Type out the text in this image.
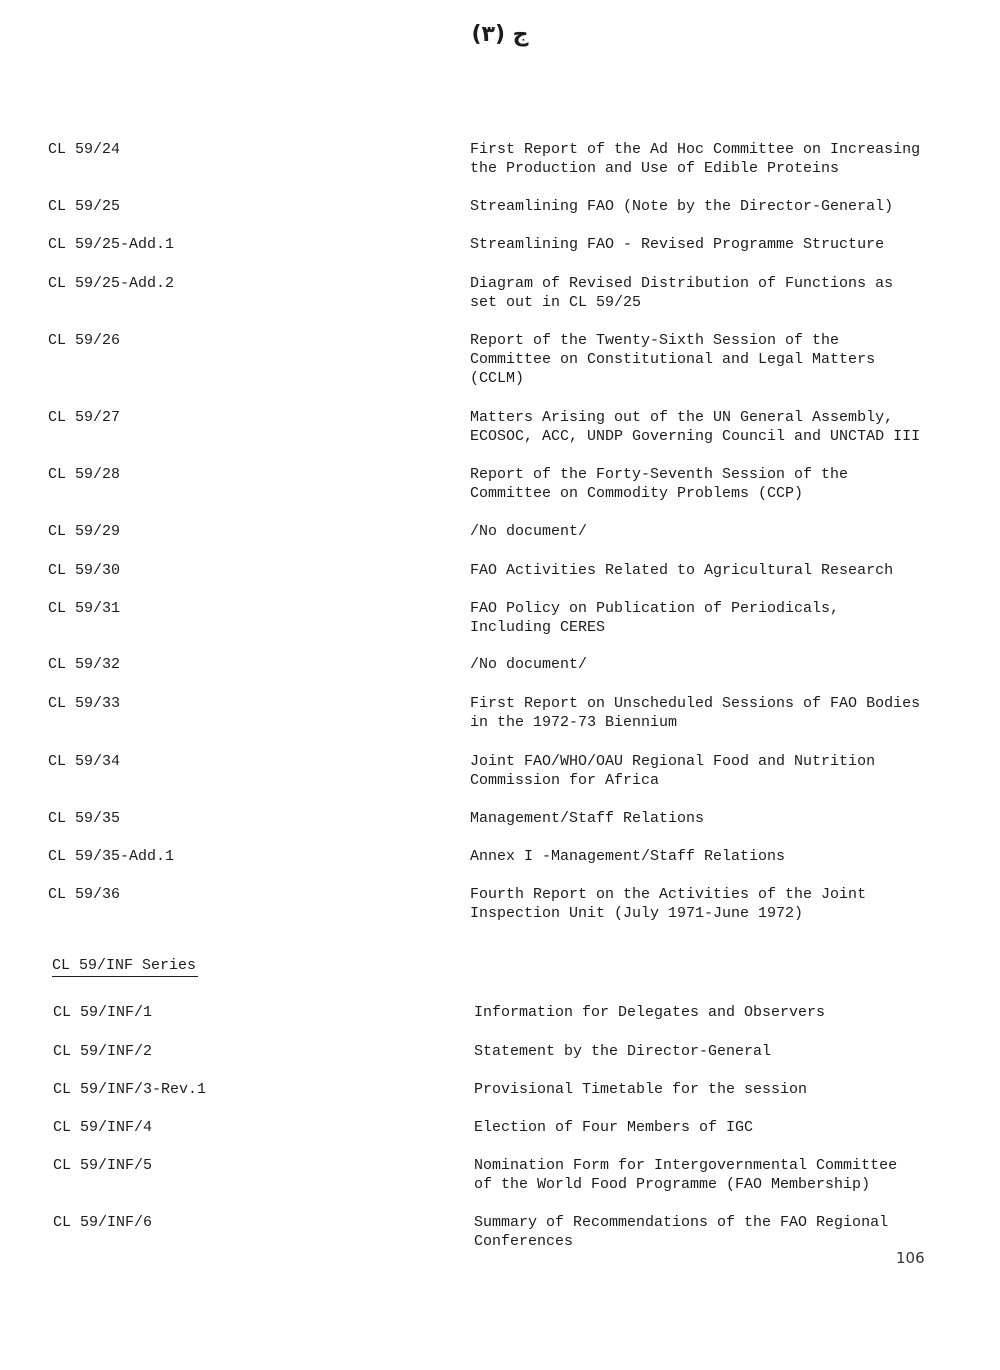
(٣) ج
CL 59/24	First Report of the Ad Hoc Committee on Increasing
the Production and Use of Edible Proteins
CL 59/25	Streamlining FAO (Note by the Director-General)
CL 59/25-Add.1	Streamlining FAO - Revised Programme Structure
CL 59/25-Add.2	Diagram of Revised Distribution of Functions as
set out in CL 59/25
CL 59/26	Report of the Twenty-Sixth Session of the
Committee on Constitutional and Legal Matters
(CCLM)
CL 59/27	Matters Arising out of the UN General Assembly,
ECOSOC, ACC, UNDP Governing Council and UNCTAD III
CL 59/28	Report of the Forty-Seventh Session of the
Committee on Commodity Problems (CCP)
CL 59/29	/No document/
CL 59/30	FAO Activities Related to Agricultural Research
CL 59/31	FAO Policy on Publication of Periodicals,
Including CERES
CL 59/32	/No document/
CL 59/33	First Report on Unscheduled Sessions of FAO Bodies
in the 1972-73 Biennium
CL 59/34	Joint FAO/WHO/OAU Regional Food and Nutrition
Commission for Africa
CL 59/35	Management/Staff Relations
CL 59/35-Add.1	Annex I -Management/Staff Relations
CL 59/36	Fourth Report on the Activities of the Joint
Inspection Unit (July 1971-June 1972)
CL 59/INF Series
CL 59/INF/1	Information for Delegates and Observers
CL 59/INF/2	Statement by the Director-General
CL 59/INF/3-Rev.1	Provisional Timetable for the session
CL 59/INF/4	Election of Four Members of IGC
CL 59/INF/5	Nomination Form for Intergovernmental Committee
of the World Food Programme (FAO Membership)
CL 59/INF/6	Summary of Recommendations of the FAO Regional
Conferences
106
